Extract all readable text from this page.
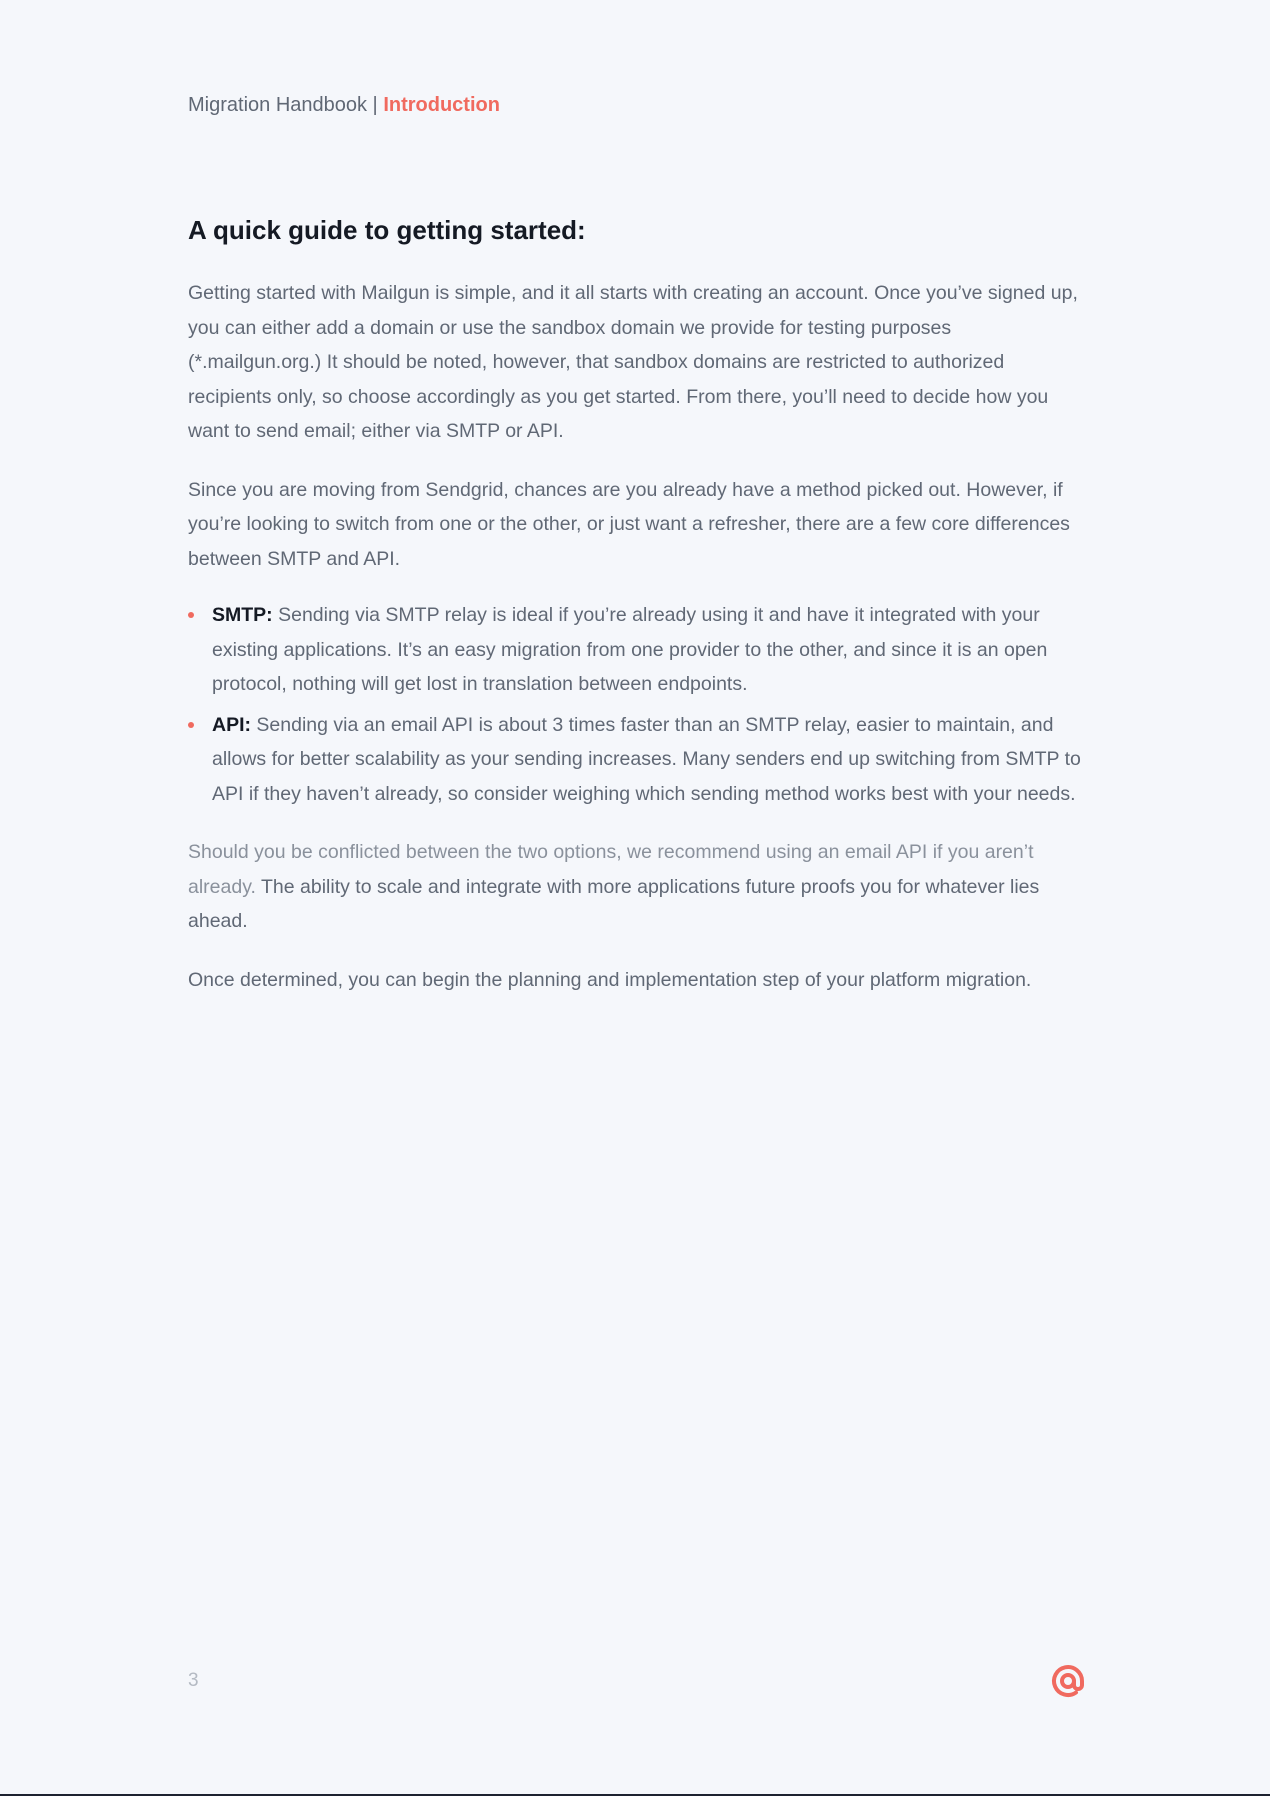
Migration Handbook | Introduction
A quick guide to getting started:

Getting started with Mailgun is simple, and it all starts with creating an account. Once you’ve signed up, you can either add a domain or use the sandbox domain we provide for testing purposes (*.mailgun.org.) It should be noted, however, that sandbox domains are restricted to authorized recipients only, so choose accordingly as you get started. From there, you’ll need to decide how you want to send email; either via SMTP or API.

Since you are moving from Sendgrid, chances are you already have a method picked out. However, if you’re looking to switch from one or the other, or just want a refresher, there are a few core differences between SMTP and API.

SMTP: Sending via SMTP relay is ideal if you’re already using it and have it integrated with your existing applications. It’s an easy migration from one provider to the other, and since it is an open protocol, nothing will get lost in translation between endpoints.
API: Sending via an email API is about 3 times faster than an SMTP relay, easier to maintain, and allows for better scalability as your sending increases. Many senders end up switching from SMTP to API if they haven’t already, so consider weighing which sending method works best with your needs.

Should you be conflicted between the two options, we recommend using an email API if you aren’t already. The ability to scale and integrate with more applications future proofs you for whatever lies ahead.

Once determined, you can begin the planning and implementation step of your platform migration.

3
